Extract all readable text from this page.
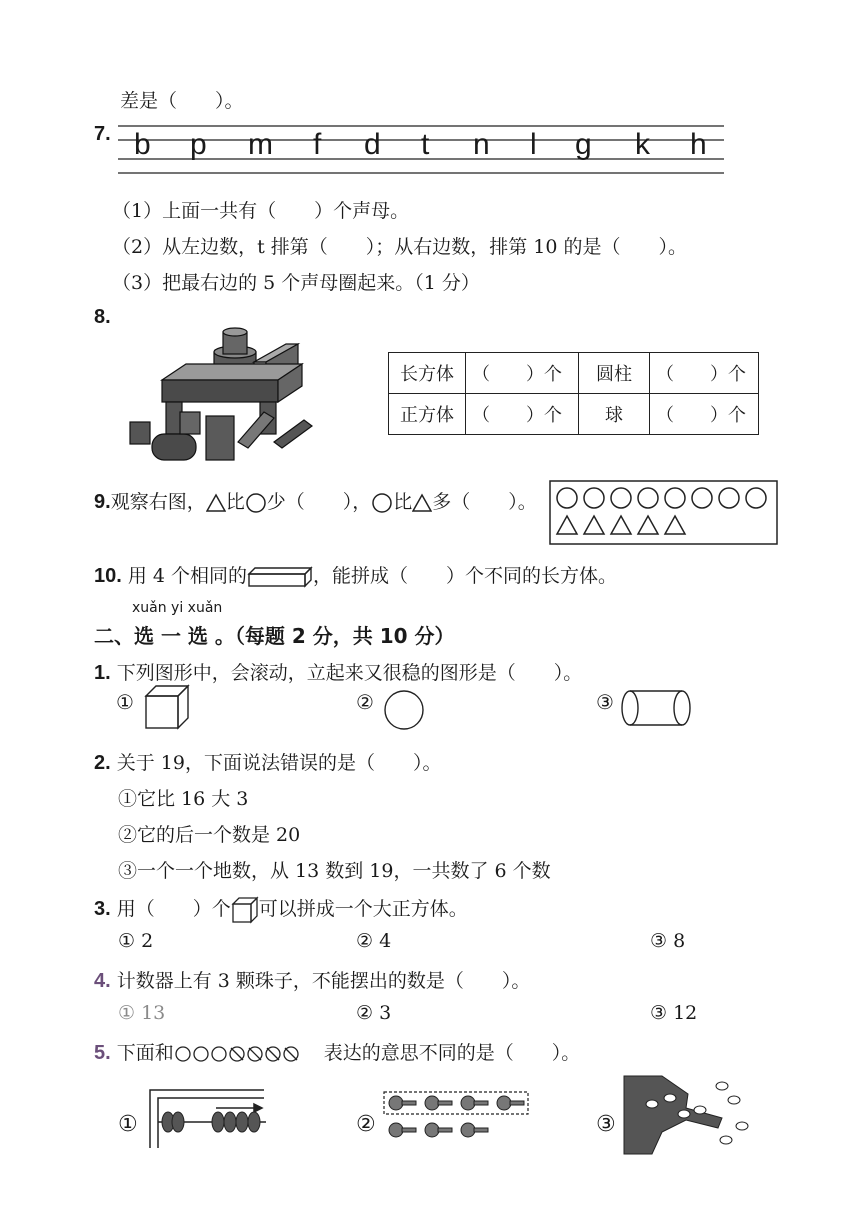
差是（　　）。
7. b p m f d t n l g k h
（1）上面一共有（　　）个声母。
（2）从左边数，t 排第（　　）；从右边数，排第 10 的是（　　）。
（3）把最右边的 5 个声母圈起来。（1 分）
8.
长方体	（　　）个	圆柱	（　　）个
正方体	（　　）个	球	（　　）个
9.观察右图， 比 少（　　）， 比 多（　　）。
10. 用 4 个相同的	，能拼成（　　）个不同的长方体。
xuǎn yi xuǎn
二、选 一 选 。（每题 2 分，共 10 分）
1. 下列图形中，会滚动，立起来又很稳的图形是（　　）。
①	②	③
2. 关于 19，下面说法错误的是（　　）。
①它比 16 大 3
②它的后一个数是 20
③一个一个地数，从 13 数到 19，一共数了 6 个数
3. 用（　　）个 可以拼成一个大正方体。
① 2	② 4	③ 8
4. 计数器上有 3 颗珠子，不能摆出的数是（　　）。
① 13	② 3	③ 12
5. 下面和	表达的意思不同的是（　　）。
①	②	③
